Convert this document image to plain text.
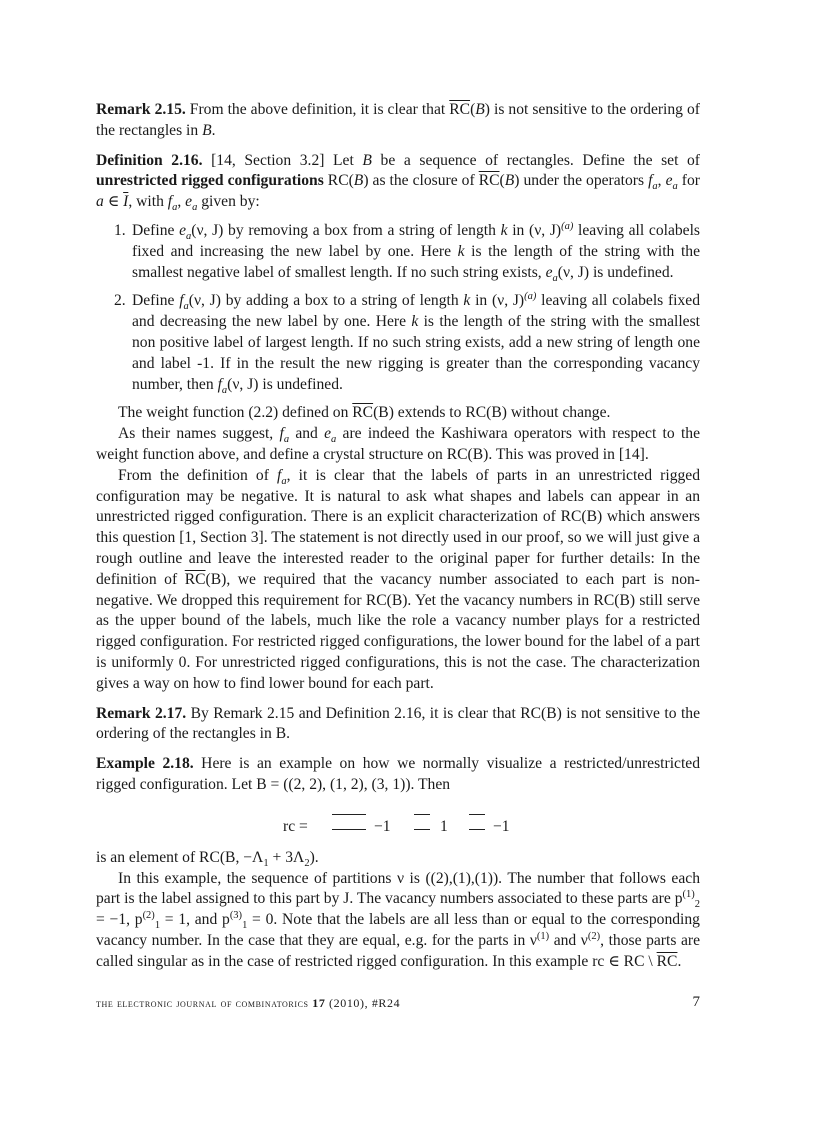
Remark 2.15. From the above definition, it is clear that $\overline{RC}(B)$ is not sensitive to the ordering of the rectangles in B.

Definition 2.16. [14, Section 3.2] Let B be a sequence of rectangles. Define the set of unrestricted rigged configurations RC(B) as the closure of $\overline{RC}(B)$ under the operators $f_a$, $e_a$ for a ∈ $\overline{I}$, with $f_a$, $e_a$ given by:

1. Define $e_a(\nu$, J) by removing a box from a string of length k in (ν, J)$^{(a)}$ leaving all colabels fixed and increasing the new label by one. Here k is the length of the string with the smallest negative label of smallest length. If no such string exists, $e_a(\nu$, J) is undefined.
2. Define $f_a(\nu$, J) by adding a box to a string of length k in (ν, J)$^{(a)}$ leaving all colabels fixed and decreasing the new label by one. Here k is the length of the string with the smallest non positive label of largest length. If no such string exists, add a new string of length one and label -1. If in the result the new rigging is greater than the corresponding vacancy number, then $f_a(\nu$, J) is undefined.

The weight function (2.2) defined on $\overline{RC}(B)$ extends to RC(B) without change.

As their names suggest, $f_a$ and $e_a$ are indeed the Kashiwara operators with respect to the weight function above, and define a crystal structure on RC(B). This was proved in [14].

From the definition of $f_a$, it is clear that the labels of parts in an unrestricted rigged configuration may be negative. It is natural to ask what shapes and labels can appear in an unrestricted rigged configuration. There is an explicit characterization of RC(B) which answers this question [1, Section 3]. The statement is not directly used in our proof, so we will just give a rough outline and leave the interested reader to the original paper for further details: In the definition of $\overline{RC}(B)$, we required that the vacancy number associated to each part is non-negative. We dropped this requirement for RC(B). Yet the vacancy numbers in RC(B) still serve as the upper bound of the labels, much like the role a vacancy number plays for a restricted rigged configuration. For restricted rigged configurations, the lower bound for the label of a part is uniformly 0. For unrestricted rigged configurations, this is not the case. The characterization gives a way on how to find lower bound for each part.

Remark 2.17. By Remark 2.15 and Definition 2.16, it is clear that RC(B) is not sensitive to the ordering of the rectangles in B.

Example 2.18. Here is an example on how we normally visualize a restricted/unrestricted rigged configuration. Let B = ((2, 2), (1, 2), (3, 1)). Then

rc =	−1	1	−1

is an element of RC(B, $-\Lambda_1 + 3\Lambda_2$).

In this example, the sequence of partitions ν is ((2),(1),(1)). The number that follows each part is the label assigned to this part by J. The vacancy numbers associated to these parts are $p^{(1)}_2 = -1$, $p^{(2)}_1 = 1$, and $p^{(3)}_1 = 0$. Note that the labels are all less than or equal to the corresponding vacancy number. In the case that they are equal, e.g. for the parts in $\nu^{(1)}$ and $\nu^{(2)}$, those parts are called singular as in the case of restricted rigged configuration. In this example rc ∈ RC \ $\overline{RC}$.

the electronic journal of combinatorics 17 (2010), #R24	7
